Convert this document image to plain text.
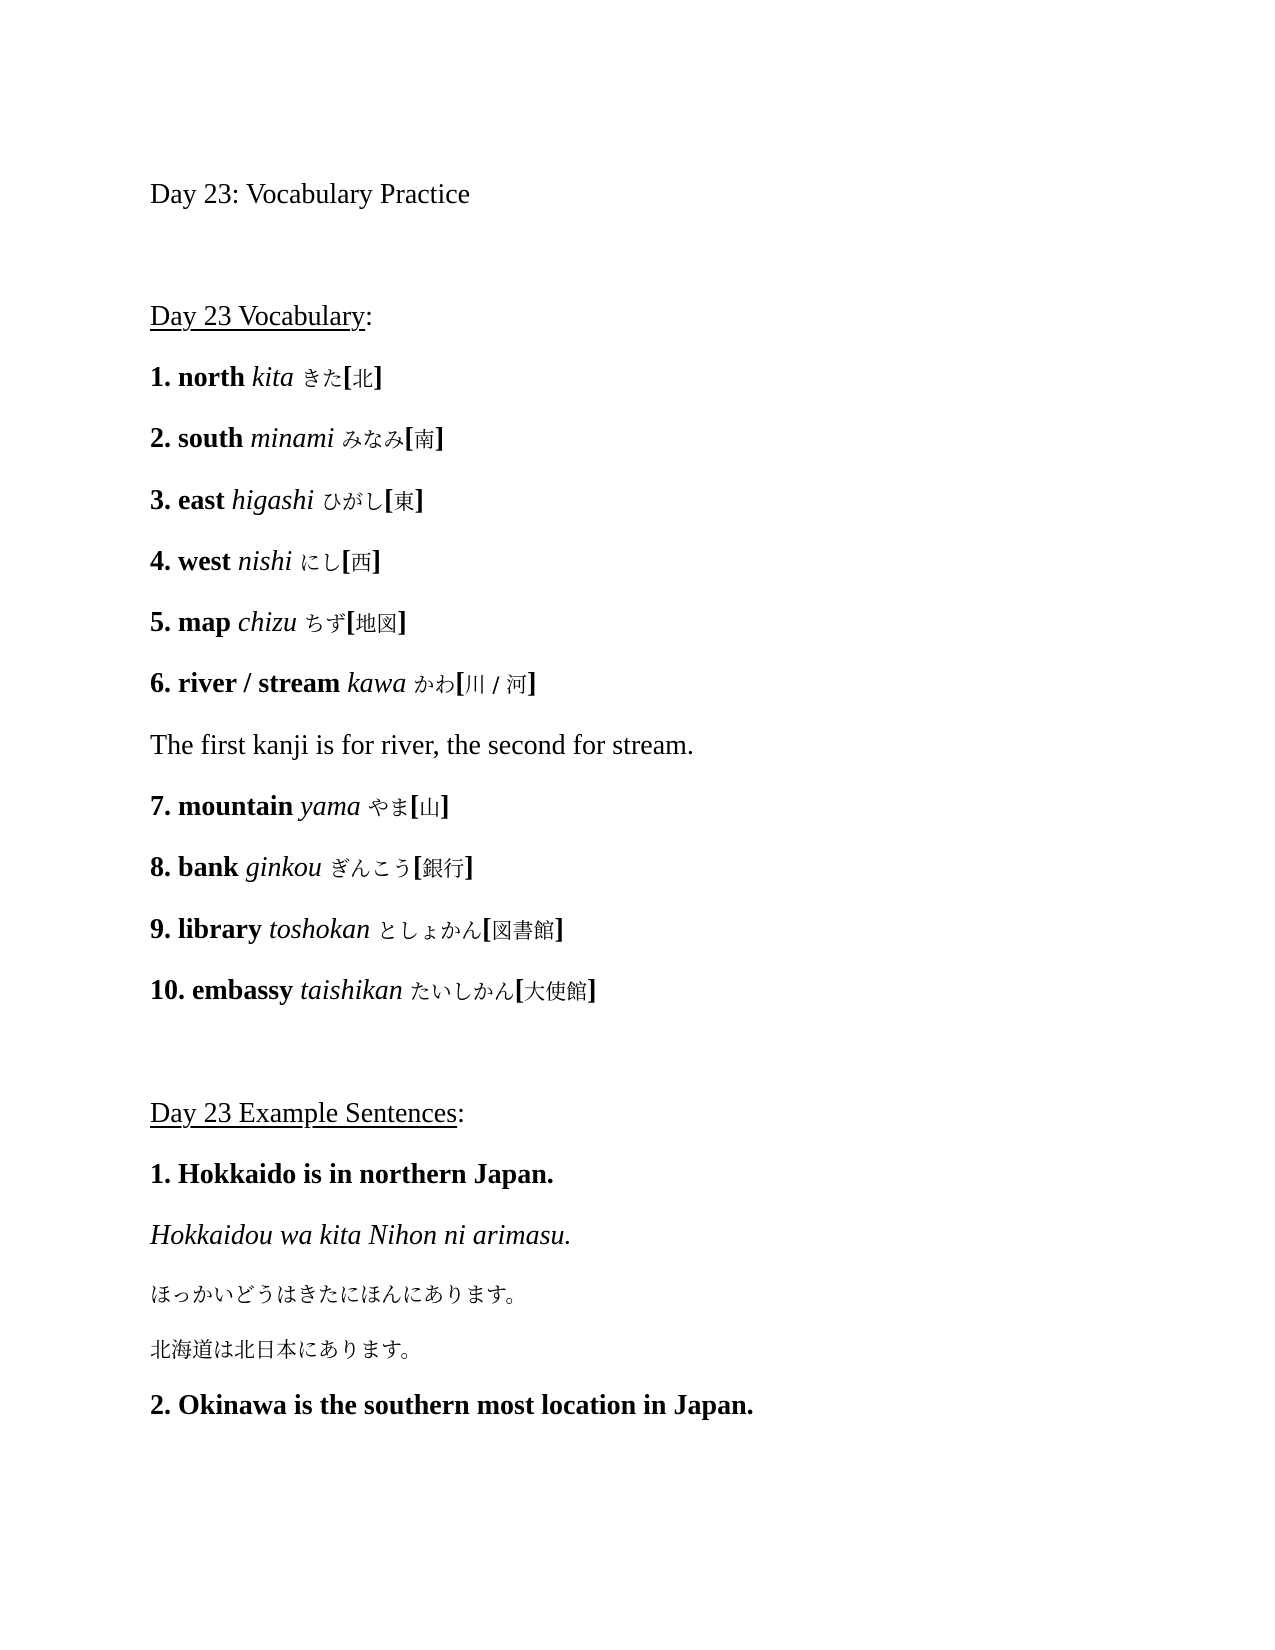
Day 23: Vocabulary Practice
Day 23 Vocabulary:
1. north kita きた[北]
2. south minami みなみ[南]
3. east higashi ひがし[東]
4. west nishi にし[西]
5. map chizu ちず[地図]
6. river / stream kawa かわ[川 / 河]
The first kanji is for river, the second for stream.
7. mountain yama やま[山]
8. bank ginkou ぎんこう[銀行]
9. library toshokan としょかん[図書館]
10. embassy taishikan たいしかん[大使館]
Day 23 Example Sentences:
1. Hokkaido is in northern Japan.
Hokkaidou wa kita Nihon ni arimasu.
ほっかいどうはきたにほんにあります。
北海道は北日本にあります。
2. Okinawa is the southern most location in Japan.
